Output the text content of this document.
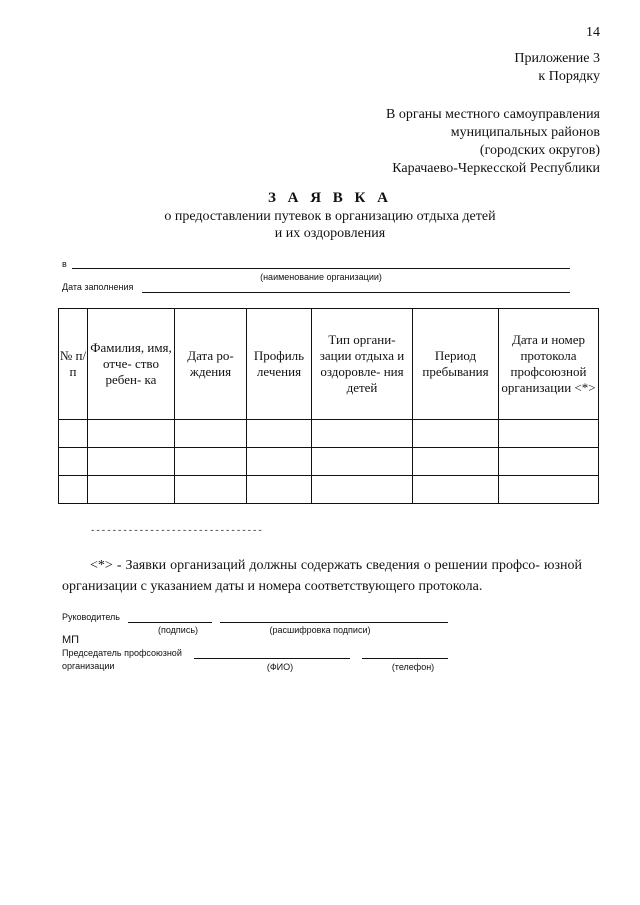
14
Приложение 3
к Порядку
В органы местного самоуправления
муниципальных районов
(городских округов)
Карачаево-Черкесской Республики
З А Я В К А
о предоставлении путевок в организацию отдыха детей
и их оздоровления
в
(наименование организации)
Дата заполнения
№ п/п	Фамилия, имя, отче- ство ребен- ка	Дата ро- ждения	Профиль лечения	Тип органи- зации отдыха и оздоровле- ния детей	Период пребывания	Дата и номер протокола профсоюзной организации <*>

--------------------------------
<*> - Заявки организаций должны содержать сведения о решении профсо- юзной организации с указанием даты и номера соответствующего протокола.
Руководитель
(подпись)	(расшифровка подписи)
МП
Председатель профсоюзной
организации	(ФИО)	(телефон)
